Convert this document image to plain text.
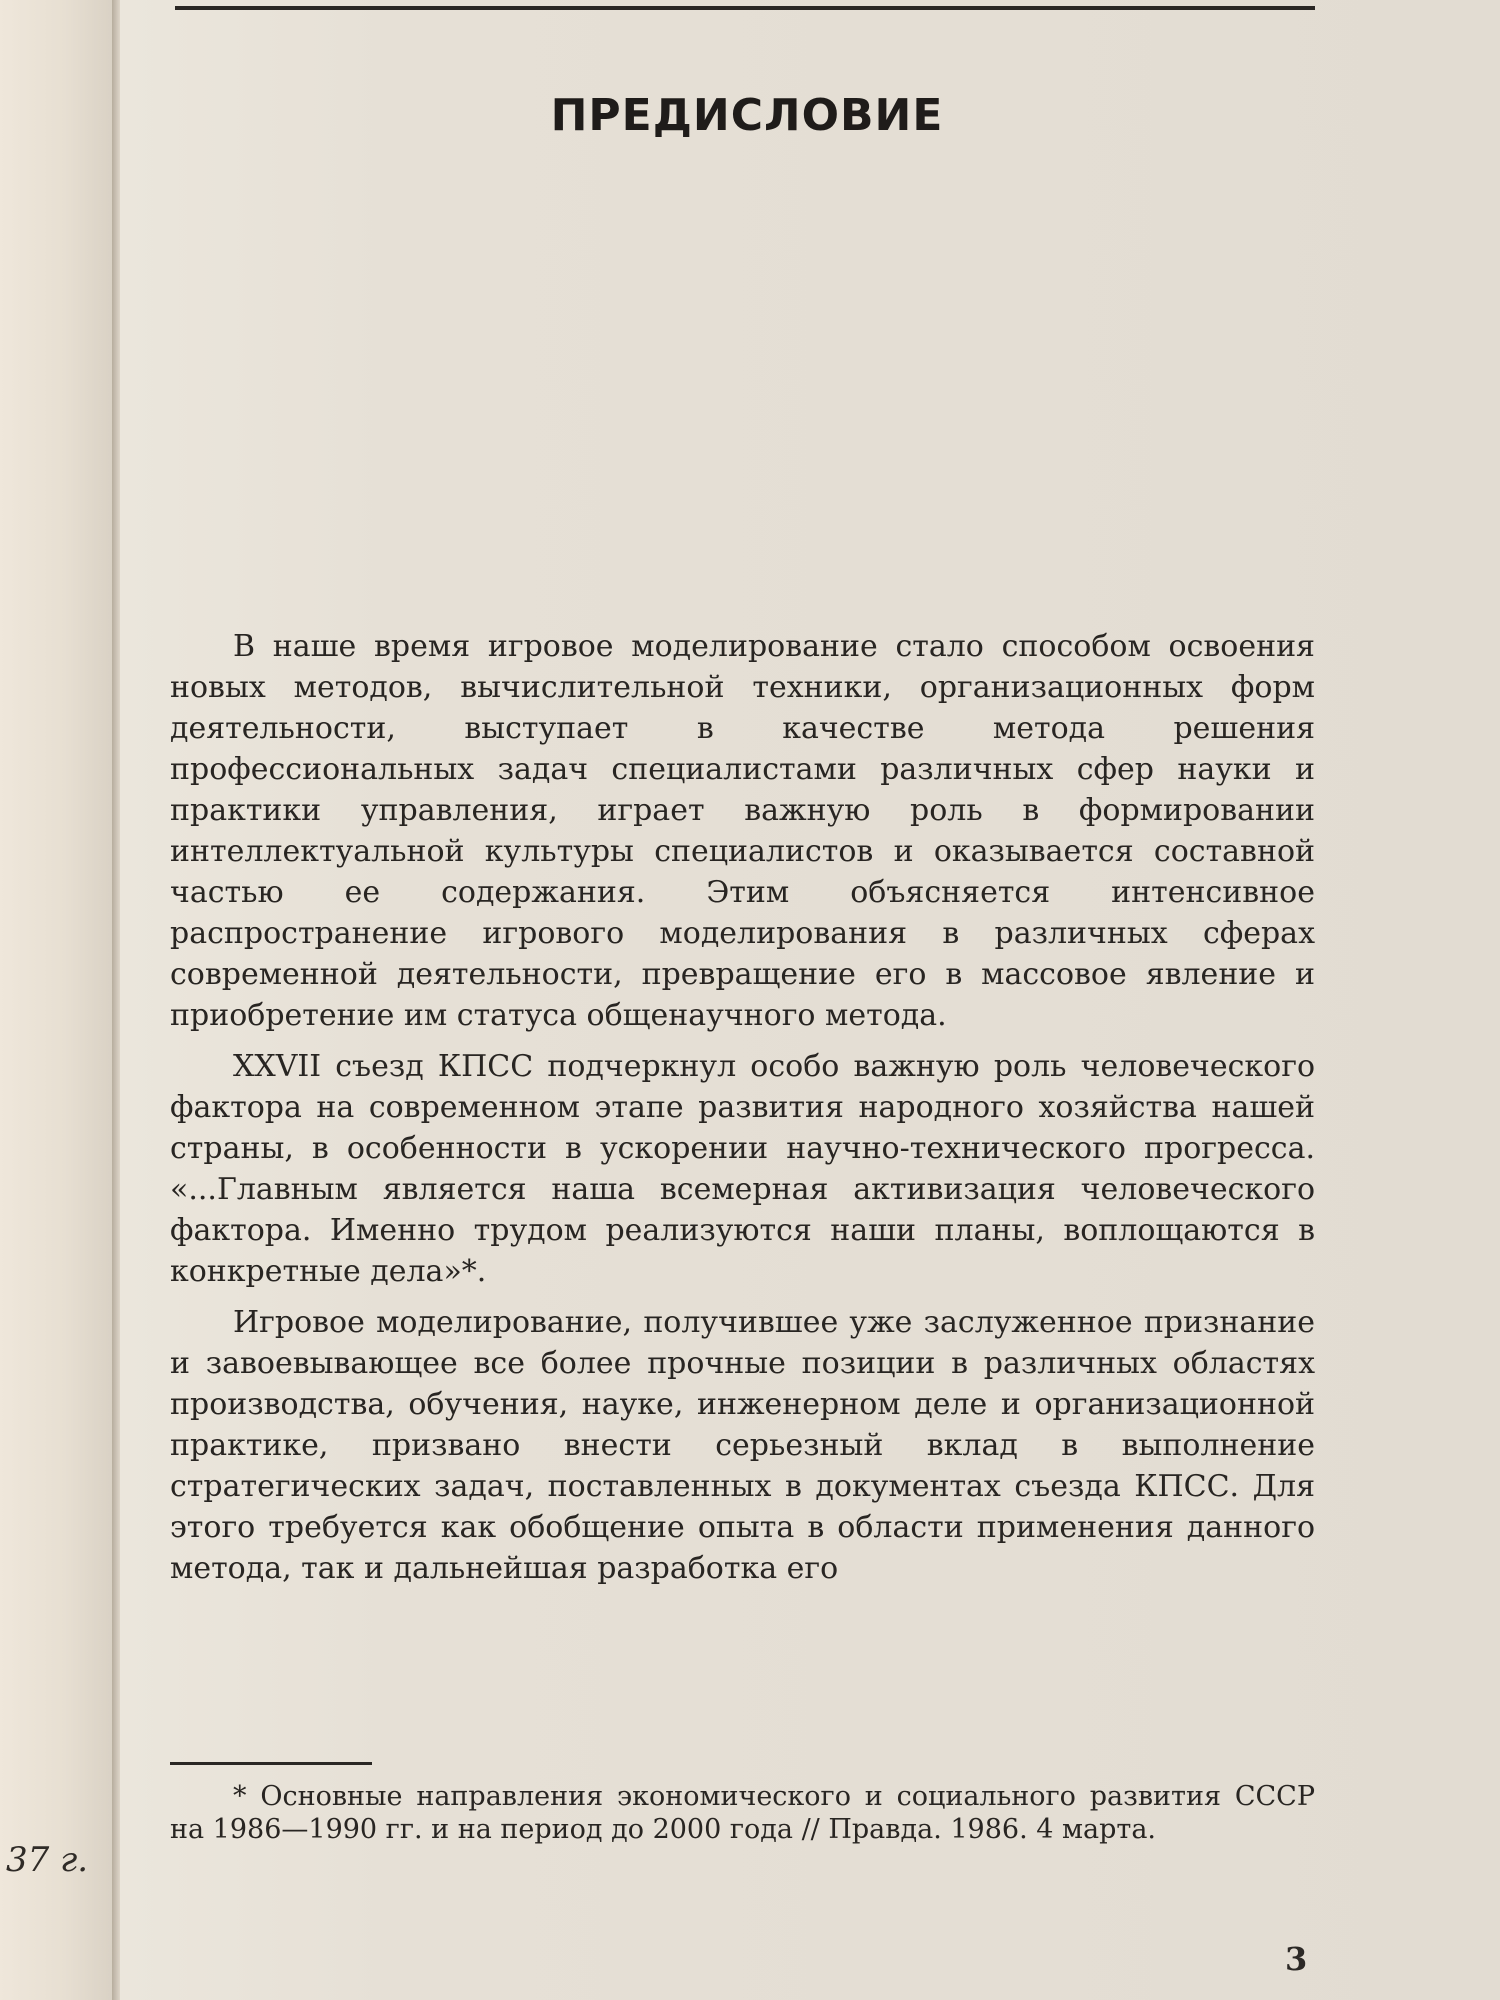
37 г.
ПРЕДИСЛОВИЕ

В наше время игровое моделирование стало способом освоения новых методов, вычислительной техники, организационных форм деятельности, выступает в качестве метода решения профессиональных задач специалистами различных сфер науки и практики управления, играет важную роль в формировании интеллектуальной культуры специалистов и оказывается составной частью ее содержания. Этим объясняется интенсивное распространение игрового моделирования в различных сферах современной деятельности, превращение его в массовое явление и приобретение им статуса общенаучного метода.

XXVII съезд КПСС подчеркнул особо важную роль человеческого фактора на современном этапе развития народного хозяйства нашей страны, в особенности в ускорении научно-технического прогресса. «...Главным является наша всемерная активизация человеческого фактора. Именно трудом реализуются наши планы, воплощаются в конкретные дела»*.

Игровое моделирование, получившее уже заслуженное признание и завоевывающее все более прочные позиции в различных областях производства, обучения, науке, инженерном деле и организационной практике, призвано внести серьезный вклад в выполнение стратегических задач, поставленных в документах съезда КПСС. Для этого требуется как обобщение опыта в области применения данного метода, так и дальнейшая разработка его

* Основные направления экономического и социального развития СССР на 1986—1990 гг. и на период до 2000 года // Правда. 1986. 4 марта.

3
